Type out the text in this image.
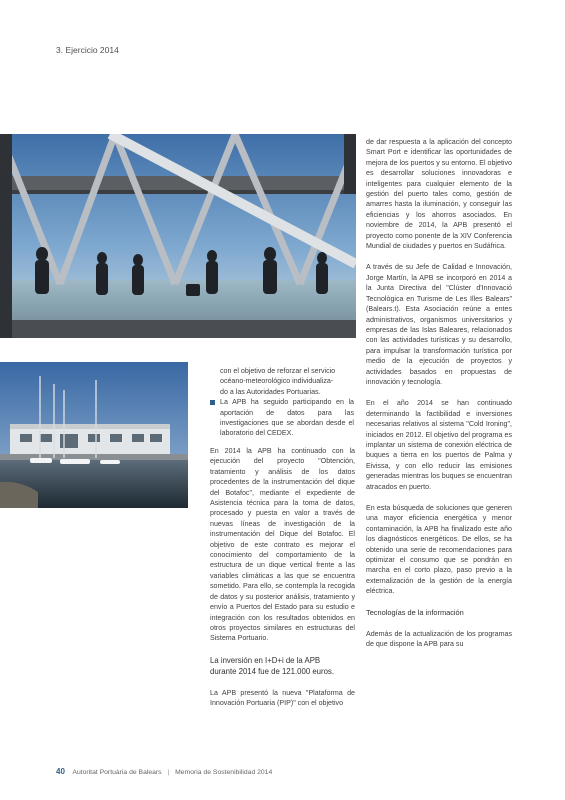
3. Ejercicio 2014
con el objetivo de reforzar el servicio
océano-meteorológico individualiza-
do a las Autoridades Portuarias.
La APB ha seguido participando en la aportación de datos para las investigaciones que se abordan desde el laboratorio del CEDEX.

En 2014 la APB ha continuado con la ejecución del proyecto "Obtención, tratamiento y análisis de los datos procedentes de la instrumentación del dique del Botafoc", mediante el expediente de Asistencia técnica para la toma de datos, procesado y puesta en valor a través de nuevas líneas de investigación de la instrumentación del Dique del Botafoc. El objetivo de este contrato es mejorar el conocimiento del comportamiento de la estructura de un dique vertical frente a las variables climáticas a las que se encuentra sometido. Para ello, se contempla la recogida de datos y su posterior análisis, tratamiento y envío a Puertos del Estado para su estudio e integración con los resultados obtenidos en otros proyectos similares en estructuras del Sistema Portuario.

La inversión en I+D+i de la APB
durante 2014 fue de 121.000 euros.

La APB presentó la nueva "Plataforma de Innovación Portuaria (PIP)" con el objetivo

de dar respuesta a la aplicación del concepto Smart Port e identificar las oportunidades de mejora de los puertos y su entorno. El objetivo es desarrollar soluciones innovadoras e inteligentes para cualquier elemento de la gestión del puerto tales como, gestión de amarres hasta la iluminación, y conseguir las eficiencias y los ahorros asociados. En noviembre de 2014, la APB presentó el proyecto como ponente de la XIV Conferencia Mundial de ciudades y puertos en Sudáfrica.

A través de su Jefe de Calidad e Innovación, Jorge Martín, la APB se incorporó en 2014 a la Junta Directiva del "Clúster d'Innovació Tecnològica en Turisme de Les Illes Balears" (Balears.t). Esta Asociación reúne a entes administrativos, organismos universitarios y empresas de las Islas Baleares, relacionados con las actividades turísticas y su desarrollo, para impulsar la transformación turística por medio de la ejecución de proyectos y actividades basados en propuestas de innovación y tecnología.

En el año 2014 se han continuado determinando la factibilidad e inversiones necesarias relativos al sistema "Cold Ironing", iniciados en 2012. El objetivo del programa es implantar un sistema de conexión eléctrica de buques a tierra en los puertos de Palma y Eivissa, y con ello reducir las emisiones generadas mientras los buques se encuentran atracados en puerto.

En esta búsqueda de soluciones que generen una mayor eficiencia energética y menor contaminación, la APB ha finalizado este año los diagnósticos energéticos. De ellos, se ha obtenido una serie de recomendaciones para optimizar el consumo que se pondrán en marcha en el corto plazo, paso previo a la externalización de la gestión de la energía eléctrica.

Tecnologías de la información

Además de la actualización de los programas de que dispone la APB para su

40 Autoritat Portuària de Balears | Memoria de Sostenibilidad 2014
